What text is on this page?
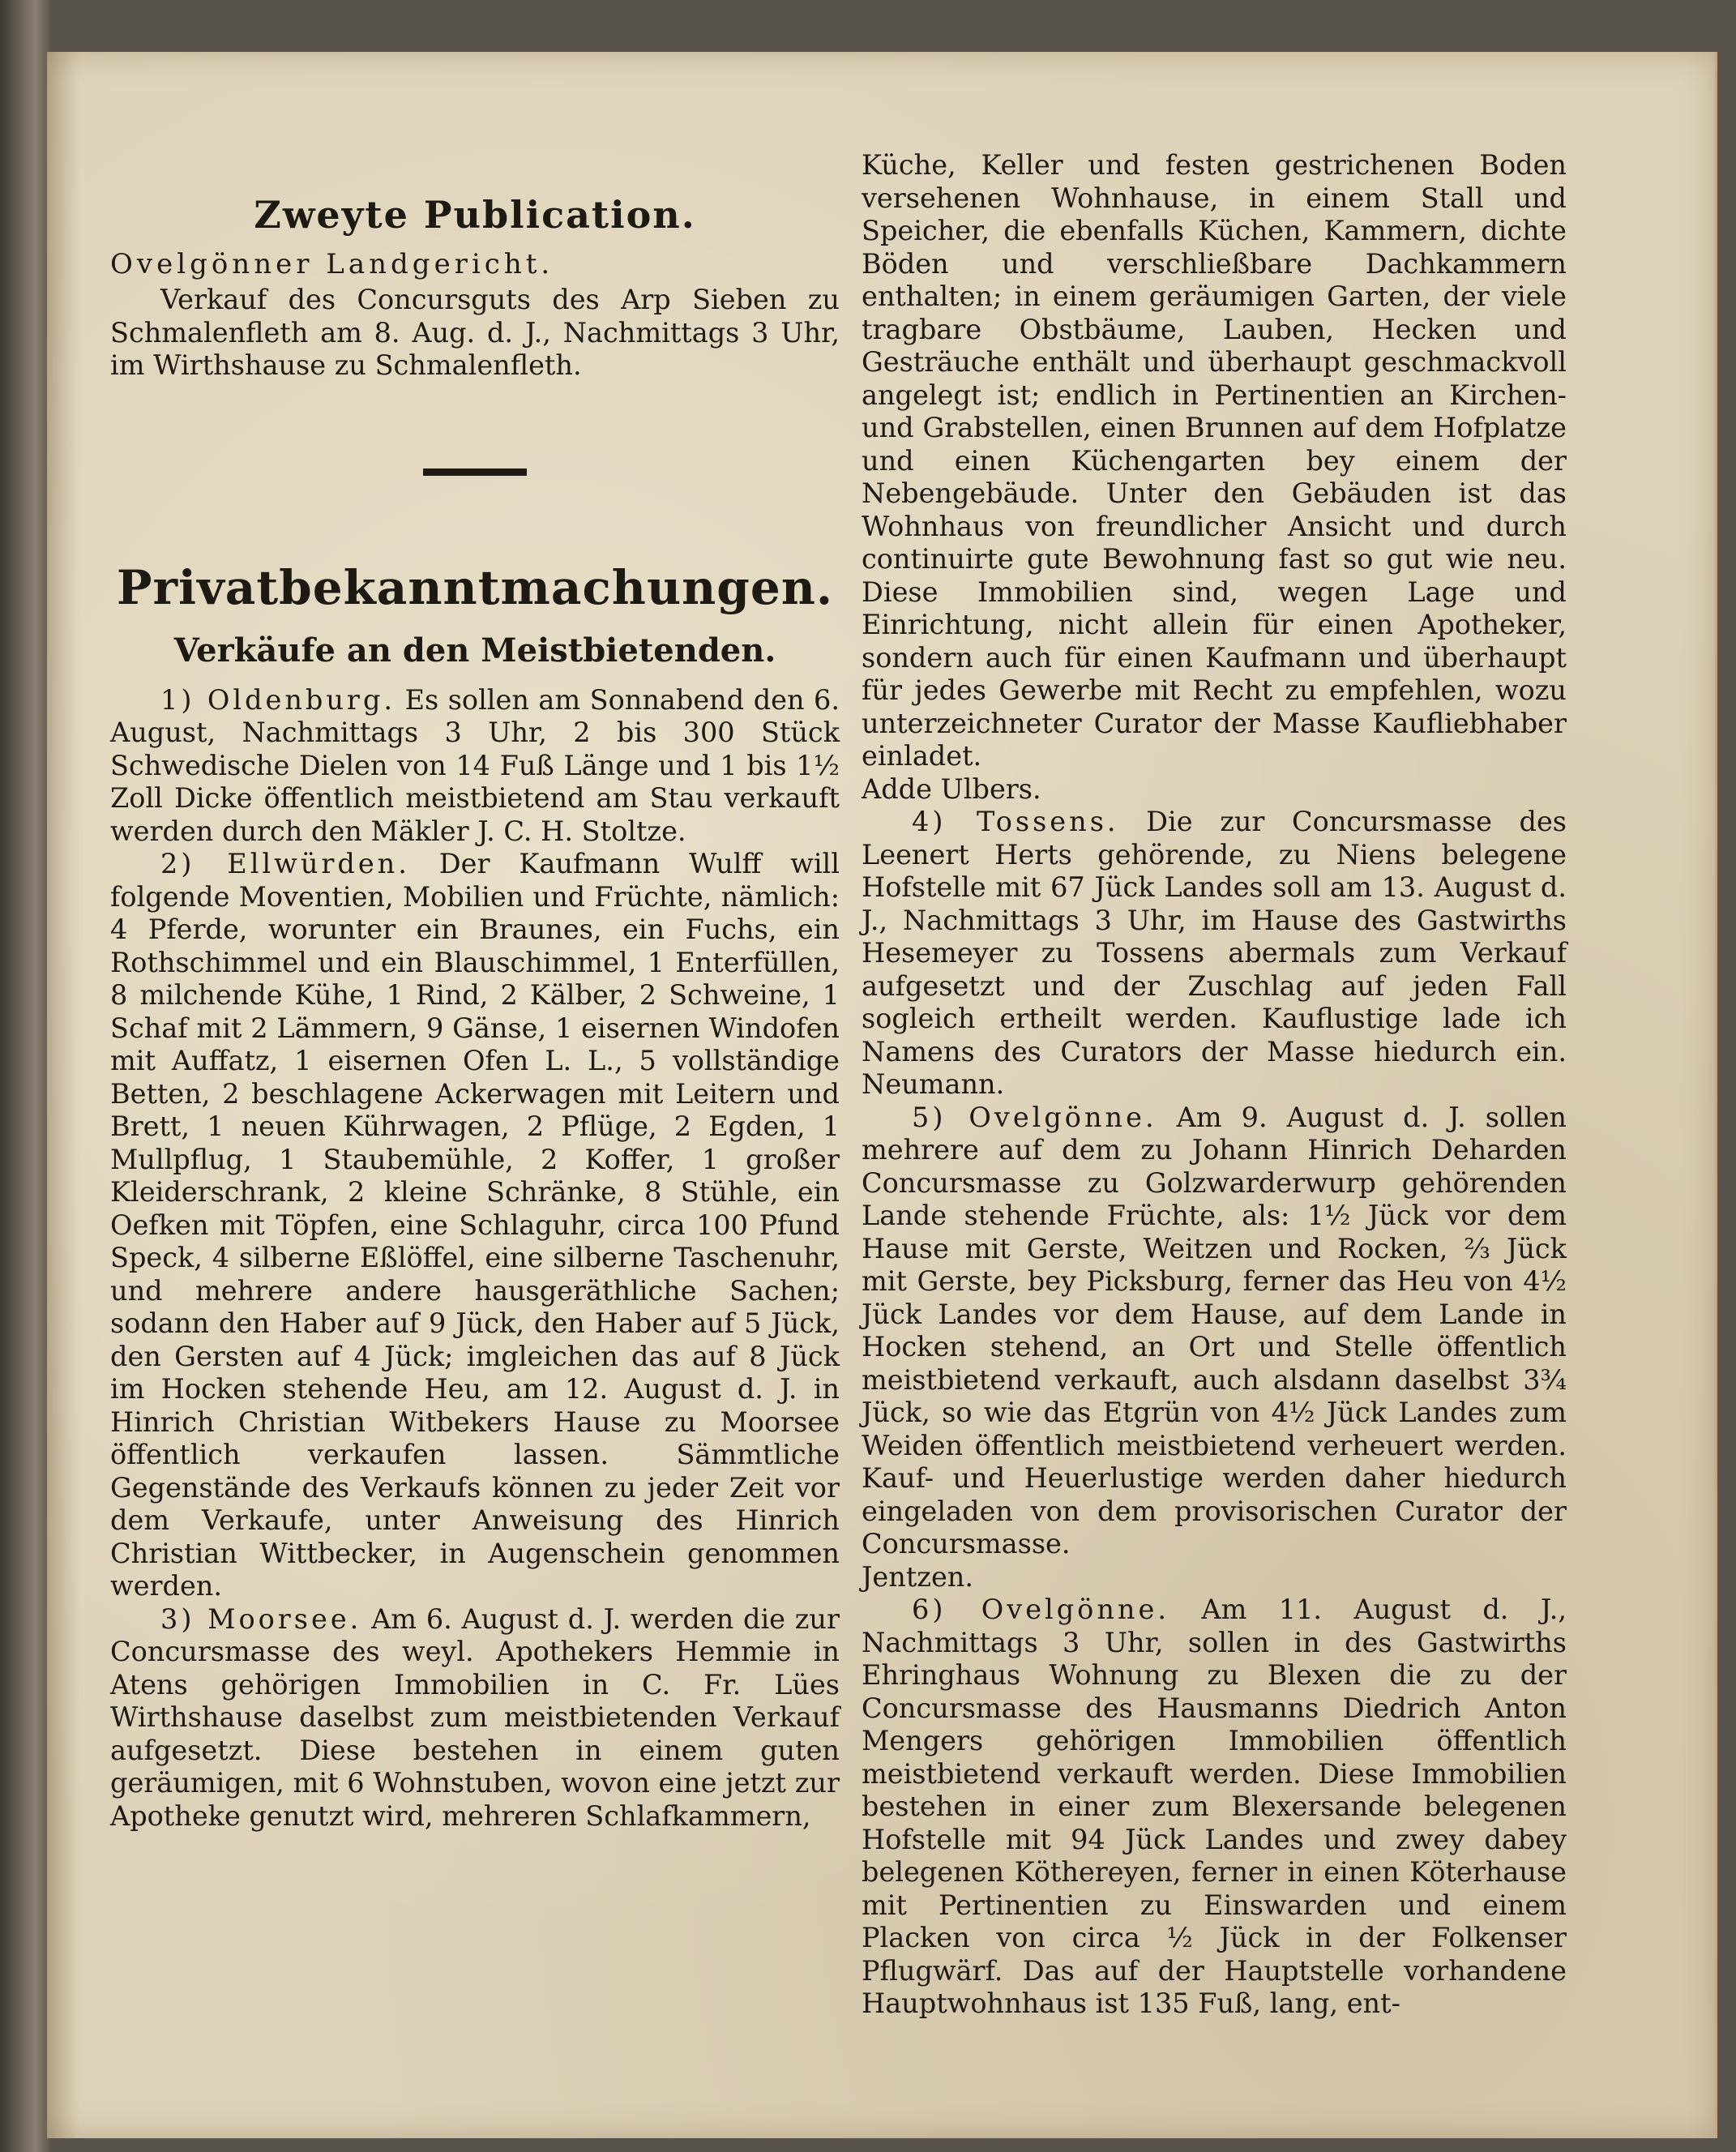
Zweyte Publication.
Ovelgönner Landgericht.

Verkauf des Concursguts des Arp Sieben zu Schmalenfleth am 8. Aug. d. J., Nachmittags 3 Uhr, im Wirthshause zu Schmalenfleth.

Privatbekanntmachungen.
Verkäufe an den Meistbietenden.

1) Oldenburg. Es sollen am Sonnabend den 6. August, Nachmittags 3 Uhr, 2 bis 300 Stück Schwedische Dielen von 14 Fuß Länge und 1 bis 1½ Zoll Dicke öffentlich meistbietend am Stau verkauft werden durch den Mäkler J. C. H. Stoltze.

2) Ellwürden. Der Kaufmann Wulff will folgende Moventien, Mobilien und Früchte, nämlich: 4 Pferde, worunter ein Braunes, ein Fuchs, ein Rothschimmel und ein Blauschimmel, 1 Enterfüllen, 8 milchende Kühe, 1 Rind, 2 Kälber, 2 Schweine, 1 Schaf mit 2 Lämmern, 9 Gänse, 1 eisernen Windofen mit Auffatz, 1 eisernen Ofen L. L., 5 vollständige Betten, 2 beschlagene Ackerwagen mit Leitern und Brett, 1 neuen Kührwagen, 2 Pflüge, 2 Egden, 1 Mullpflug, 1 Staubemühle, 2 Koffer, 1 großer Kleiderschrank, 2 kleine Schränke, 8 Stühle, ein Oefken mit Töpfen, eine Schlaguhr, circa 100 Pfund Speck, 4 silberne Eßlöffel, eine silberne Taschenuhr, und mehrere andere hausgeräthliche Sachen; sodann den Haber auf 9 Jück, den Haber auf 5 Jück, den Gersten auf 4 Jück; imgleichen das auf 8 Jück im Hocken stehende Heu, am 12. August d. J. in Hinrich Christian Witbekers Hause zu Moorsee öffentlich verkaufen lassen. Sämmtliche Gegenstände des Verkaufs können zu jeder Zeit vor dem Verkaufe, unter Anweisung des Hinrich Christian Wittbecker, in Augenschein genommen werden.

3) Moorsee. Am 6. August d. J. werden die zur Concursmasse des weyl. Apothekers Hemmie in Atens gehörigen Immobilien in C. Fr. Lües Wirthshause daselbst zum meistbietenden Verkauf aufgesetzt. Diese bestehen in einem guten geräumigen, mit 6 Wohnstuben, wovon eine jetzt zur Apotheke genutzt wird, mehreren Schlafkammern,

Küche, Keller und festen gestrichenen Boden versehenen Wohnhause, in einem Stall und Speicher, die ebenfalls Küchen, Kammern, dichte Böden und verschließbare Dachkammern enthalten; in einem geräumigen Garten, der viele tragbare Obstbäume, Lauben, Hecken und Gesträuche enthält und überhaupt geschmackvoll angelegt ist; endlich in Pertinentien an Kirchen- und Grabstellen, einen Brunnen auf dem Hofplatze und einen Küchengarten bey einem der Nebengebäude. Unter den Gebäuden ist das Wohnhaus von freundlicher Ansicht und durch continuirte gute Bewohnung fast so gut wie neu. Diese Immobilien sind, wegen Lage und Einrichtung, nicht allein für einen Apotheker, sondern auch für einen Kaufmann und überhaupt für jedes Gewerbe mit Recht zu empfehlen, wozu unterzeichneter Curator der Masse Kaufliebhaber einladet.

Adde Ulbers.

4) Tossens. Die zur Concursmasse des Leenert Herts gehörende, zu Niens belegene Hofstelle mit 67 Jück Landes soll am 13. August d. J., Nachmittags 3 Uhr, im Hause des Gastwirths Hesemeyer zu Tossens abermals zum Verkauf aufgesetzt und der Zuschlag auf jeden Fall sogleich ertheilt werden. Kauflustige lade ich Namens des Curators der Masse hiedurch ein. Neumann.

5) Ovelgönne. Am 9. August d. J. sollen mehrere auf dem zu Johann Hinrich Deharden Concursmasse zu Golzwarderwurp gehörenden Lande stehende Früchte, als: 1½ Jück vor dem Hause mit Gerste, Weitzen und Rocken, ⅔ Jück mit Gerste, bey Picksburg, ferner das Heu von 4½ Jück Landes vor dem Hause, auf dem Lande in Hocken stehend, an Ort und Stelle öffentlich meistbietend verkauft, auch alsdann daselbst 3¾ Jück, so wie das Etgrün von 4½ Jück Landes zum Weiden öffentlich meistbietend verheuert werden. Kauf- und Heuerlustige werden daher hiedurch eingeladen von dem provisorischen Curator der Concursmasse.

Jentzen.

6) Ovelgönne. Am 11. August d. J., Nachmittags 3 Uhr, sollen in des Gastwirths Ehringhaus Wohnung zu Blexen die zu der Concursmasse des Hausmanns Diedrich Anton Mengers gehörigen Immobilien öffentlich meistbietend verkauft werden. Diese Immobilien bestehen in einer zum Blexersande belegenen Hofstelle mit 94 Jück Landes und zwey dabey belegenen Köthereyen, ferner in einen Köterhause mit Pertinentien zu Einswarden und einem Placken von circa ½ Jück in der Folkenser Pflugwärf. Das auf der Hauptstelle vorhandene Hauptwohnhaus ist 135 Fuß, lang, ent-
